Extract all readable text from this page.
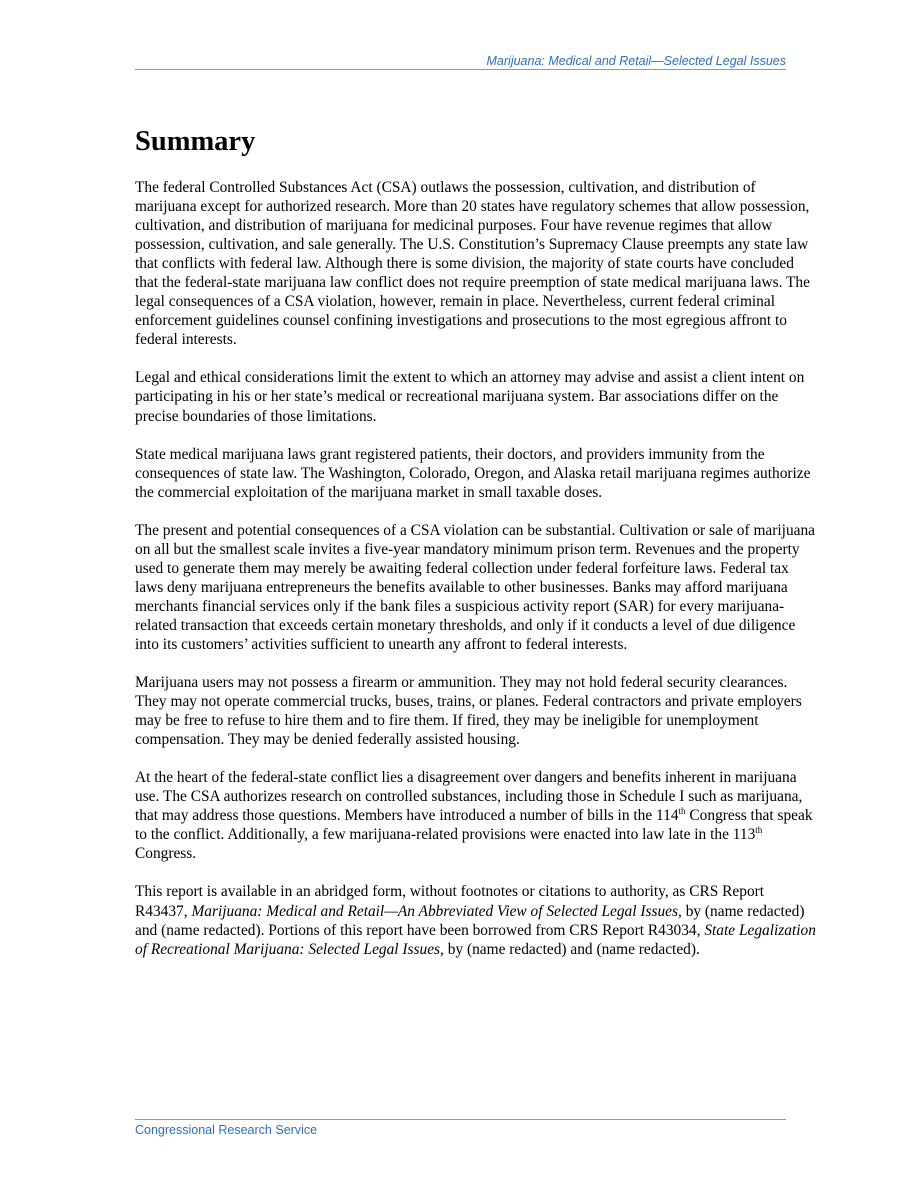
Marijuana: Medical and Retail—Selected Legal Issues
Summary

The federal Controlled Substances Act (CSA) outlaws the possession, cultivation, and distribution of marijuana except for authorized research. More than 20 states have regulatory schemes that allow possession, cultivation, and distribution of marijuana for medicinal purposes. Four have revenue regimes that allow possession, cultivation, and sale generally. The U.S. Constitution’s Supremacy Clause preempts any state law that conflicts with federal law. Although there is some division, the majority of state courts have concluded that the federal-state marijuana law conflict does not require preemption of state medical marijuana laws. The legal consequences of a CSA violation, however, remain in place. Nevertheless, current federal criminal enforcement guidelines counsel confining investigations and prosecutions to the most egregious affront to federal interests.

Legal and ethical considerations limit the extent to which an attorney may advise and assist a client intent on participating in his or her state’s medical or recreational marijuana system. Bar associations differ on the precise boundaries of those limitations.

State medical marijuana laws grant registered patients, their doctors, and providers immunity from the consequences of state law. The Washington, Colorado, Oregon, and Alaska retail marijuana regimes authorize the commercial exploitation of the marijuana market in small taxable doses.

The present and potential consequences of a CSA violation can be substantial. Cultivation or sale of marijuana on all but the smallest scale invites a five-year mandatory minimum prison term. Revenues and the property used to generate them may merely be awaiting federal collection under federal forfeiture laws. Federal tax laws deny marijuana entrepreneurs the benefits available to other businesses. Banks may afford marijuana merchants financial services only if the bank files a suspicious activity report (SAR) for every marijuana-related transaction that exceeds certain monetary thresholds, and only if it conducts a level of due diligence into its customers’ activities sufficient to unearth any affront to federal interests.

Marijuana users may not possess a firearm or ammunition. They may not hold federal security clearances. They may not operate commercial trucks, buses, trains, or planes. Federal contractors and private employers may be free to refuse to hire them and to fire them. If fired, they may be ineligible for unemployment compensation. They may be denied federally assisted housing.

At the heart of the federal-state conflict lies a disagreement over dangers and benefits inherent in marijuana use. The CSA authorizes research on controlled substances, including those in Schedule I such as marijuana, that may address those questions. Members have introduced a number of bills in the 114th Congress that speak to the conflict. Additionally, a few marijuana-related provisions were enacted into law late in the 113th Congress.

This report is available in an abridged form, without footnotes or citations to authority, as CRS Report R43437, Marijuana: Medical and Retail—An Abbreviated View of Selected Legal Issues, by (name redacted) and (name redacted). Portions of this report have been borrowed from CRS Report R43034, State Legalization of Recreational Marijuana: Selected Legal Issues, by (name redacted) and (name redacted).

Congressional Research Service
